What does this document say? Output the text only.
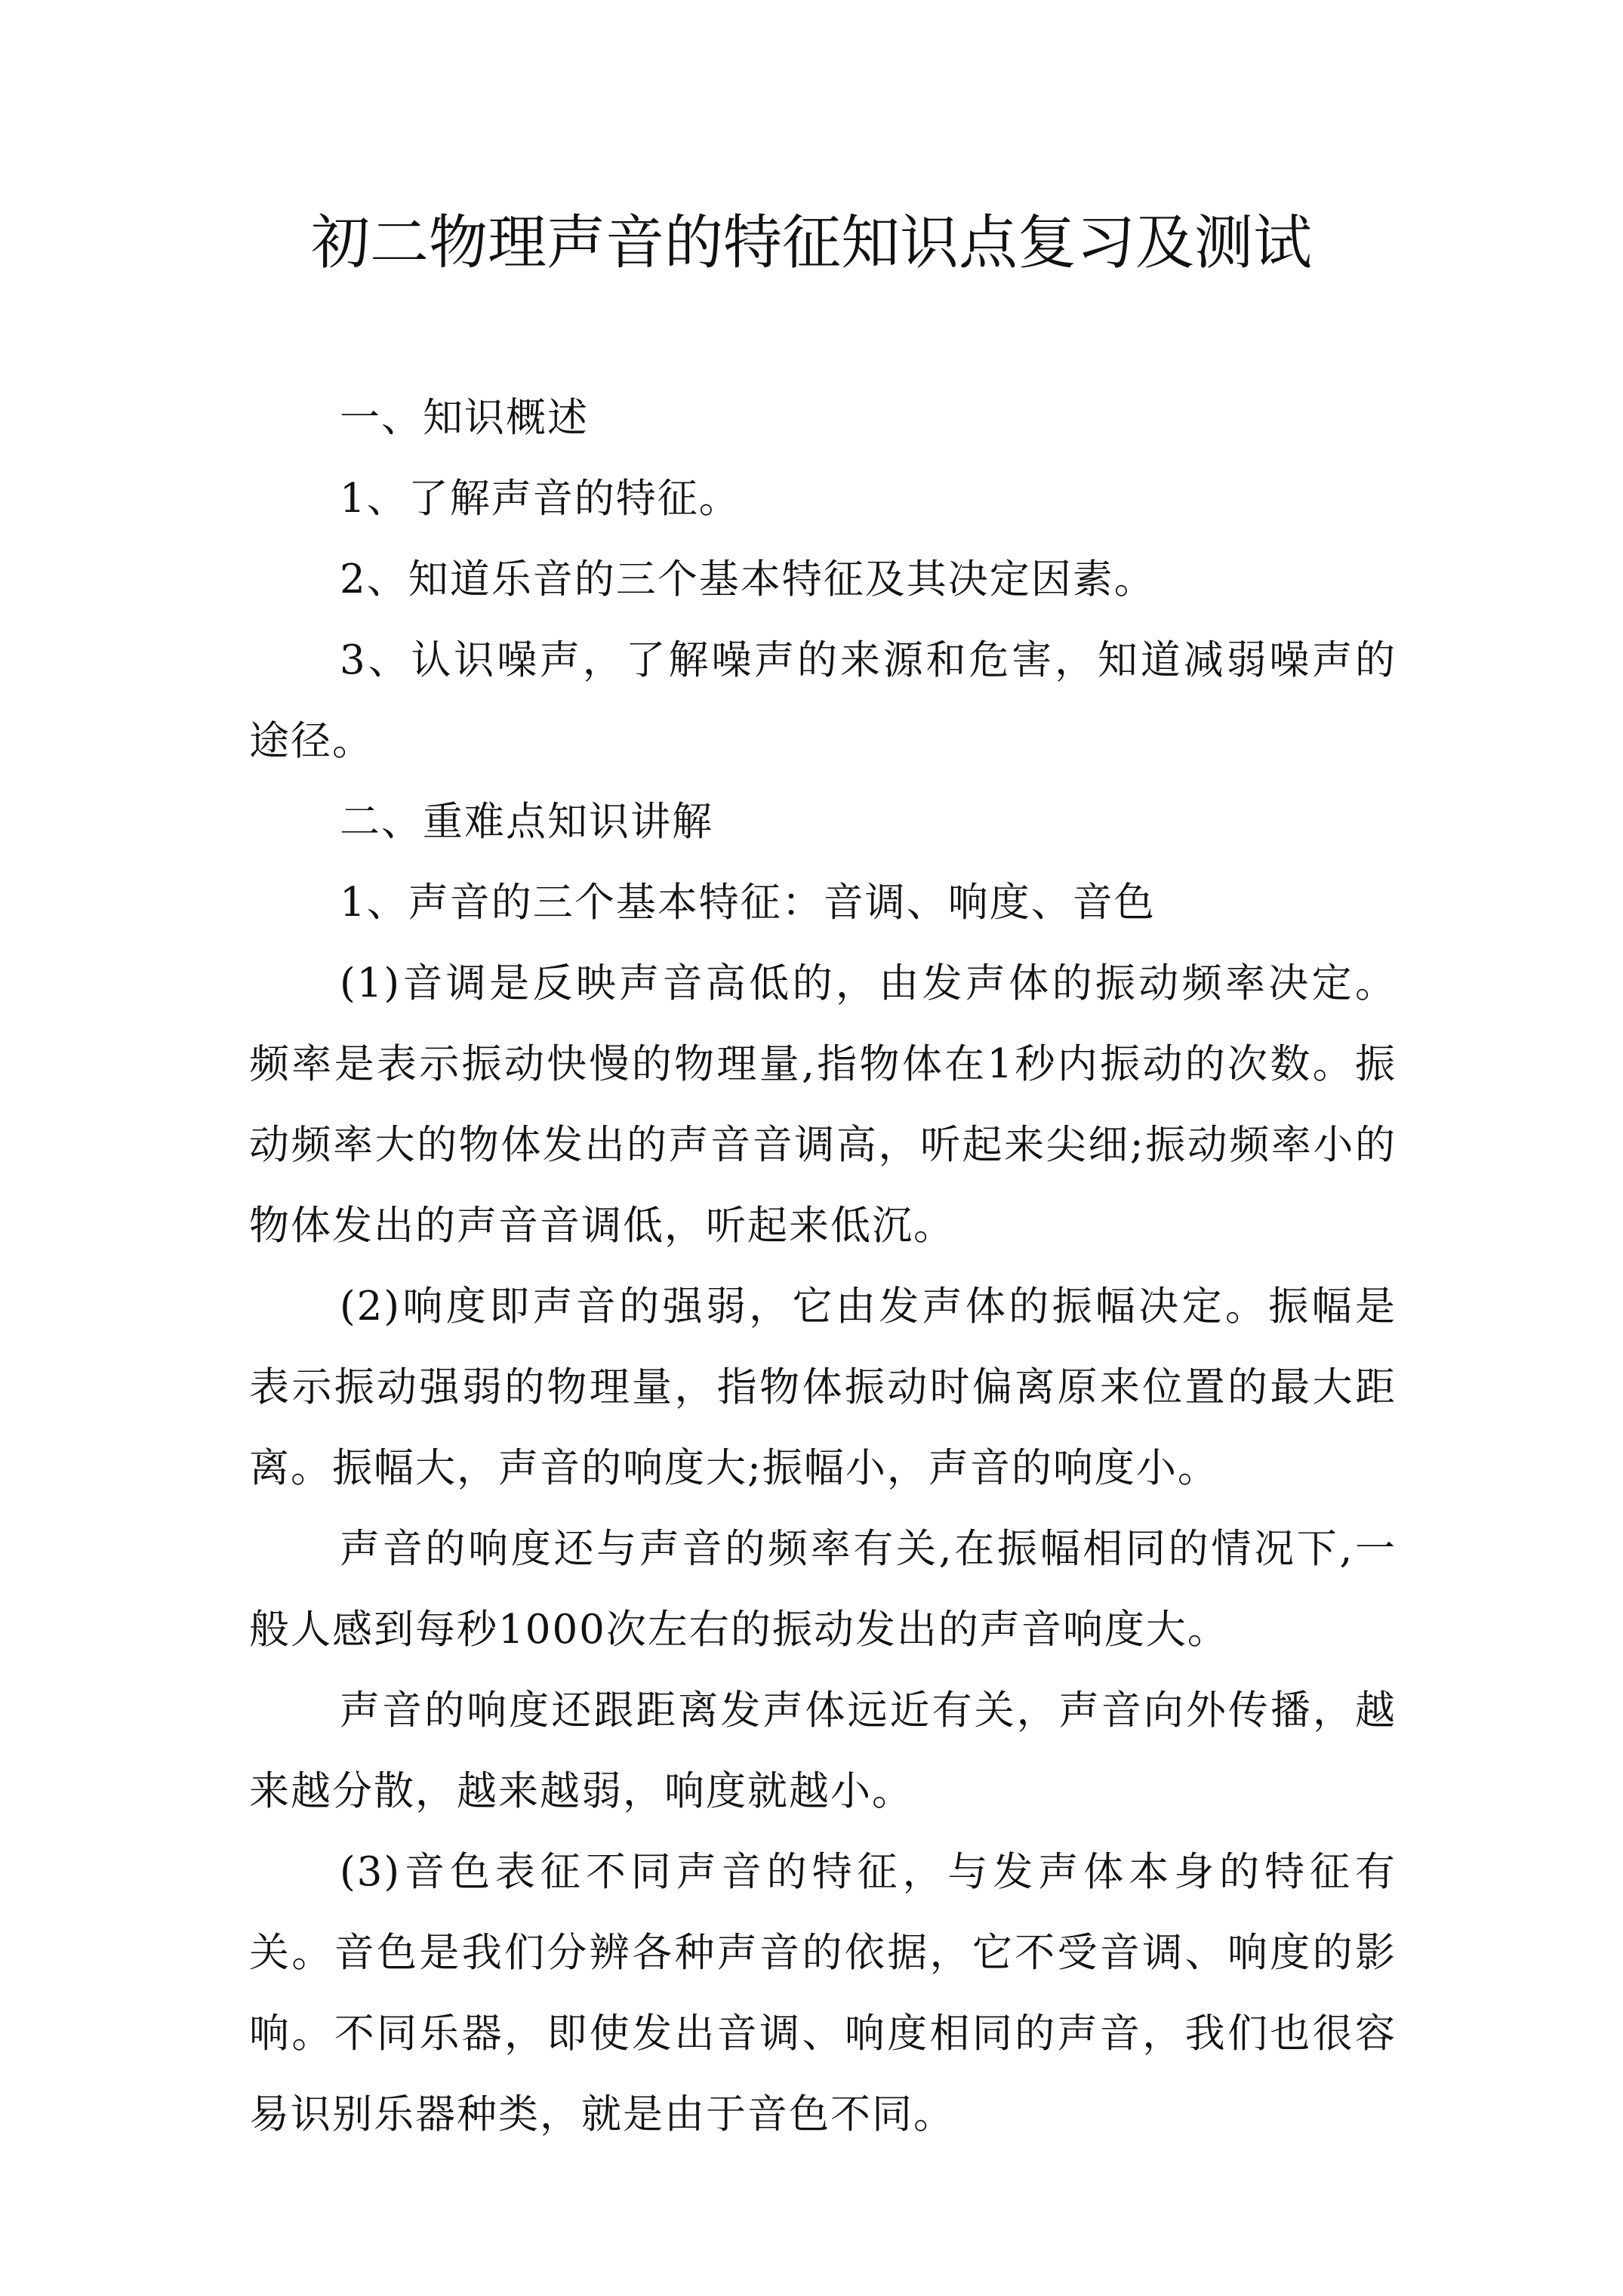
初二物理声音的特征知识点复习及测试

一、知识概述

1、了解声音的特征。

2、知道乐音的三个基本特征及其决定因素。

3、认识噪声，了解噪声的来源和危害，知道减弱噪声的途径。

二、重难点知识讲解

1、声音的三个基本特征：音调、响度、音色

(1)音调是反映声音高低的，由发声体的振动频率决定。频率是表示振动快慢的物理量,指物体在1秒内振动的次数。振动频率大的物体发出的声音音调高，听起来尖细;振动频率小的物体发出的声音音调低，听起来低沉。

(2)响度即声音的强弱，它由发声体的振幅决定。振幅是表示振动强弱的物理量，指物体振动时偏离原来位置的最大距离。振幅大，声音的响度大;振幅小，声音的响度小。

声音的响度还与声音的频率有关,在振幅相同的情况下,一般人感到每秒1000次左右的振动发出的声音响度大。

声音的响度还跟距离发声体远近有关，声音向外传播，越来越分散，越来越弱，响度就越小。

(3)音色表征不同声音的特征，与发声体本身的特征有关。音色是我们分辨各种声音的依据，它不受音调、响度的影响。不同乐器，即使发出音调、响度相同的声音，我们也很容易识别乐器种类，就是由于音色不同。
